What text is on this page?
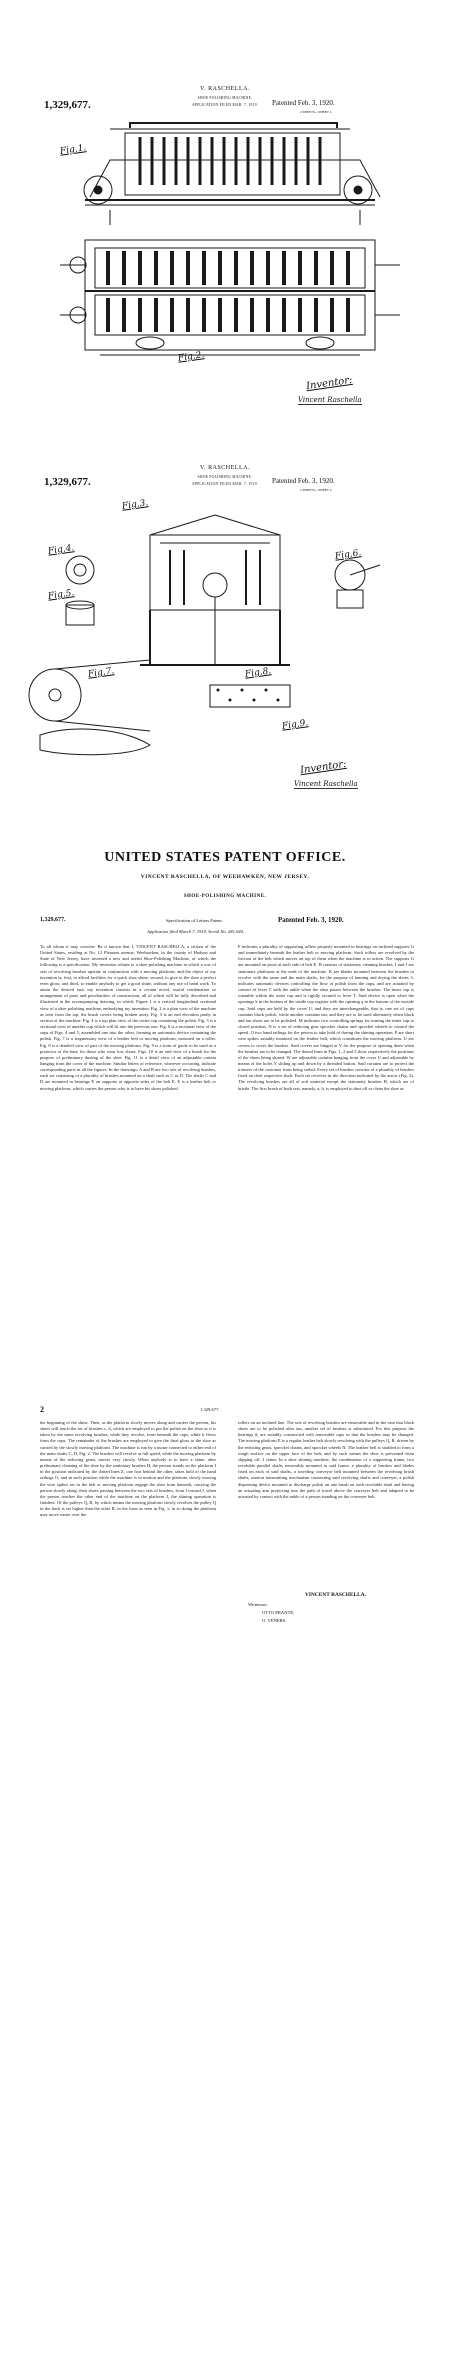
V. RASCHELLA.
SHOE POLISHING MACHINE.
APPLICATION FILED MAR. 7, 1919.
1,329,677.	Patented Feb. 3, 1920.
2 SHEETS—SHEET 1.
Fig.1.
Fig.2.
Inventor:
Vincent Raschella
V. RASCHELLA.
SHOE POLISHING MACHINE.
APPLICATION FILED MAR. 7, 1919.
1,329,677.	Patented Feb. 3, 1920.
2 SHEETS—SHEET 2.
Fig.3.
Fig.4.
Fig.5.
Fig.6.
Fig.7.	Fig.8.
Fig.9.
Inventor:
Vincent Raschella
UNITED STATES PATENT OFFICE.
VINCENT RASCHELLA, OF WEEHAWKEN, NEW JERSEY.
SHOE-POLISHING MACHINE.
1,329,677.	Specification of Letters Patent.	Patented Feb. 3, 1920.
Application filed March 7, 1919. Serial No. 281,044.

To all whom it may concern: Be it known that I, VINCENT RASCHELLA, a citizen of the United States, residing at No. 12 Pleasant avenue, Weehawken, in the county of Hudson and State of New Jersey, have invented a new and useful Shoe-Polishing Machine, of which the following is a specification. My invention relates to a shoe-polishing machine in which a row of sets of revolving brushes operate in conjunction with a moving platform, and the object of my invention is; first, to afford facilities for a quick shoe shine; second, to give to the shoe a perfect even gloss; and third, to enable anybody to get a good shine, without any use of hand work. To attain the desired end, my invention consists in a certain novel, useful combination or arrangement of parts and peculiarities of construction, all of which will be fully described and illustrated in the accompanying drawing, in which: Figure 1 is a vertical longitudinal sectional view of a shoe polishing machine, embodying my invention. Fig. 2 is a plan view of the machine as seen from the top, the brush covers being broken away. Fig. 3 is an end elevation partly in section of the machine. Fig. 4 is a top plan view of the cutter cup containing the polish. Fig. 5 is a sectional view of another cup which will fit into the previous one. Fig. 6 is a sectional view of the cups of Figs. 4 and 5, assembled one into the other, forming an automatic device containing the polish. Fig. 7 is a fragmentary view of a leather belt or moving platform, mounted on a roller. Fig. 8 is a detailed view of part of the moving platform. Fig. 9 is a form of guide to be used as a protector of the base for those who wear low shoes. Figs. 10 is an end view of a brush for the purpose of preliminary dusting of the shoe. Fig. 11 is a detail view of an adjustable curtain hanging from the cover of the machine. Similar letters of reference, wherever occurring, indicate corresponding parts in all the figures. In the drawings: A and B are two sets of revolving brushes, each set consisting of a plurality of brushes mounted on a shaft such as C or D. The shafts C and D are mounted in bearings E on supports at opposite sides of the belt E. E is a leather belt or moving platform, which carries the person who is to have his shoes polished.

F indicates a plurality of supporting rollers properly mounted in bearings on inclined supports G and immediately beneath the leather belt or moving platform. Such rollers are revolved by the friction of the belt which moves on top of them when the machine is in action. The supports G are mounted on posts at each side of belt E. H consists of stationary cleaning brushes. I and J are stationary platforms at the ends of the machine. K are blades mounted between the brushes to revolve with the same and the main shafts, for the purpose of fanning and drying the shoes. L indicates automatic devices controlling the flow of polish from the cups, and are actuated by contact of lever T with the ankle when the shoe passes between the brushes. The inner cup is rotatable within the outer cup and is rigidly secured to lever T. Said device is open when the openings k in the bottom of the inside cup register with the opening q in the bottom of the outside cup. Said cups are held by the cover U, and they are interchangeable; that is, one set of cups contains black polish, while another contains tan, and they are to be used alternately when black and tan shoes are to be polished. M indicates two controlling springs for turning the inner cup to closed position. N is a set of reducing gear sprocket chains and sprocket wheels to control the speed. O two hand railings for the person to take hold of during the shining operation. P are short wire spikes suitably mounted on the leather belt, which constitutes the moving platform. U are covers to cover the brushes. Said covers are hinged at V for the purpose of opening them when the brushes are to be changed. The dotted lines in Figs. 1, 2 and 3 show respectively the positions of the shoes being shined. W are adjustable curtains hanging from the cover U and adjustable by means of the holes Y sliding up and down by a threaded button. Said curtains are to protect the trousers of the customer from being soiled. Every set of brushes consists of a plurality of brushes fixed on their respective shaft. Each set revolves in the direction indicated by the arrow (Fig. 2). The revolving brushes are all of soft material except the stationary brushes H, which are of bristle. The first brush of both sets, namely, a, b, is employed to dust off or clean the shoe as

2	1,329,677.

the beginning of the shine. Then, as the platform slowly moves along and carries the person, his shoes will touch the set of brushes c, d, which are employed to put the polish on the shoe as it is taken by the same revolving brushes, while they revolve, from beneath the cups, while it flows from the cups. The remainder of the brushes are employed to give the final gloss to the shoe as carried by the slowly moving platform. The machine is run by a motor connected to either end of the main shafts C, D, Fig. 2. The brushes will revolve at full speed, while the moving platform by means of the reducing gears, moves very slowly. When anybody is to have a shine, after preliminary cleaning of the shoe by the stationary brushes H, the person stands on the platform I in the position indicated by the dotted lines Z, one foot behind the other, takes hold of the hand railings O, and in such position while the machine is in motion and the platform slowly moving the wire spikes set in the belt or moving platform engage the shoe from beneath, carrying the person slowly along, their shoes passing between the two sets of brushes, from I toward J, when the person reaches the other end of the machine on the platform J, the shining operation is finished. Of the pulleys Q, R, by which means the moving platform slowly revolves the pulley Q in the back is set higher than the other R, in the front as seen in Fig. 1; in so doing the platform may move easier over the

rollers on an inclined line. The sets of revolving brushes are removable and in the case that black shoes are to be polished after tan, another set of brushes is substituted. For this purpose the bearings S, are suitably constructed with removable caps so that the brushes may be changed. The moving platform E is a regular leather belt slowly revolving with the pulleys Q, R, driven by the reducing gears, sprocket chains, and sprocket wheels N. The leather belt is studded to form a rough surface on the upper face of the belt, and by such means the shoe is prevented from slipping off. I claim: In a shoe shining machine, the combination of a supporting frame, two revoluble parallel shafts removably mounted in said frame, a plurality of brushes and blades fixed on each of said shafts, a traveling conveyor belt mounted between the revolving brush shafts, motion transmitting mechanism connecting said revolving shafts and conveyer, a polish dispensing device mounted to discharge polish on one brush on each revoluble shaft and having an actuating arm projecting into the path of travel above the conveyer belt and adapted to be actuated by contact with the ankle of a person standing on the conveyer belt.

VINCENT RASCHELLA.
Witnesses:
OTTO PRANTE,
O. VENERS.
